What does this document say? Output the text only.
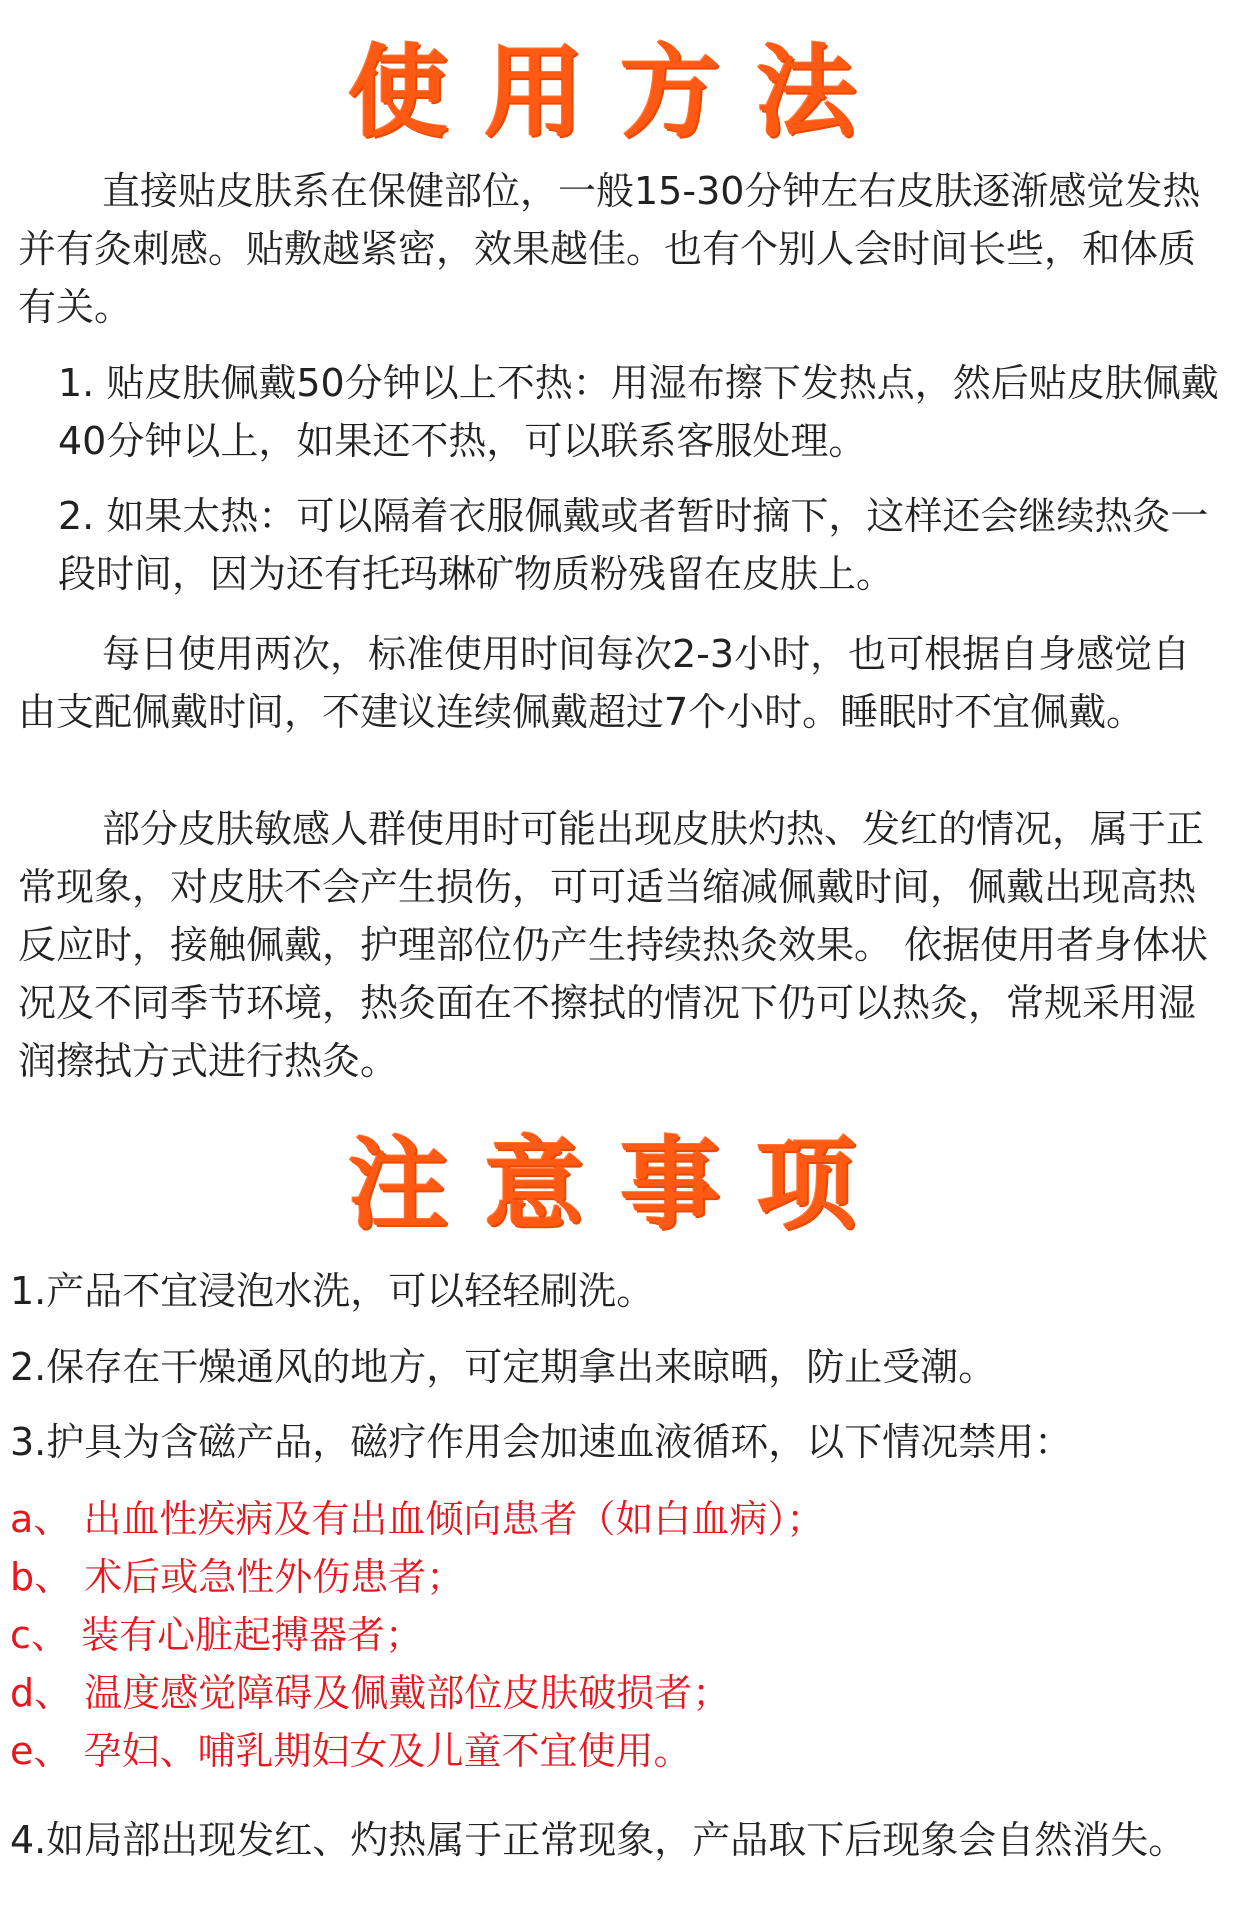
使用方法

直接贴皮肤系在保健部位，一般15-30分钟左右皮肤逐渐感觉发热并有灸刺感。贴敷越紧密，效果越佳。也有个别人会时间长些，和体质有关。

1. 贴皮肤佩戴50分钟以上不热：用湿布擦下发热点，然后贴皮肤佩戴40分钟以上，如果还不热，可以联系客服处理。

2. 如果太热：可以隔着衣服佩戴或者暂时摘下，这样还会继续热灸一段时间，因为还有托玛琳矿物质粉残留在皮肤上。

每日使用两次，标准使用时间每次2-3小时，也可根据自身感觉自由支配佩戴时间，不建议连续佩戴超过7个小时。睡眠时不宜佩戴。

部分皮肤敏感人群使用时可能出现皮肤灼热、发红的情况，属于正常现象，对皮肤不会产生损伤，可可适当缩减佩戴时间，佩戴出现高热反应时，接触佩戴，护理部位仍产生持续热灸效果。 依据使用者身体状况及不同季节环境，热灸面在不擦拭的情况下仍可以热灸，常规采用湿润擦拭方式进行热灸。

注意事项

1.产品不宜浸泡水洗，可以轻轻刷洗。

2.保存在干燥通风的地方，可定期拿出来晾晒，防止受潮。

3.护具为含磁产品，磁疗作用会加速血液循环，以下情况禁用：

a、 出血性疾病及有出血倾向患者（如白血病）；
b、 术后或急性外伤患者；
c、 装有心脏起搏器者；
d、 温度感觉障碍及佩戴部位皮肤破损者；
e、 孕妇、哺乳期妇女及儿童不宜使用。

4.如局部出现发红、灼热属于正常现象，产品取下后现象会自然消失。
